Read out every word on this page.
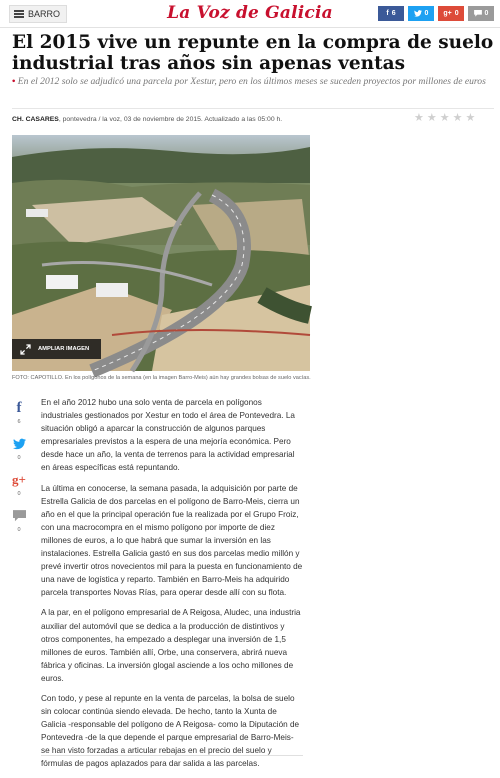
BARRO	La Voz de Galicia	f 6	0 g+ 0	0
El 2015 vive un repunte en la compra de suelo industrial tras años sin apenas ventas
• En el 2012 solo se adjudicó una parcela por Xestur, pero en los últimos meses se suceden proyectos por millones de euros
CH. CASARES, pontevedra / la voz, 03 de noviembre de 2015. Actualizado a las 05:00 h.	★ ★ ★ ★ ★
AMPLIAR IMAGEN
FOTO: CAPOTILLO. En los polígonos de la semana (en la imagen Barro-Meis) aún hay grandes bolsas de suelo vacías.
f
6
0
g+
0
0

En el año 2012 hubo una solo venta de parcela en polígonos industriales gestionados por Xestur en todo el área de Pontevedra. La situación obligó a aparcar la construcción de algunos parques empresariales previstos a la espera de una mejoría económica. Pero desde hace un año, la venta de terrenos para la actividad empresarial en áreas específicas está repuntando.

La última en conocerse, la semana pasada, la adquisición por parte de Estrella Galicia de dos parcelas en el polígono de Barro-Meis, cierra un año en el que la principal operación fue la realizada por el Grupo Froiz, con una macrocompra en el mismo polígono por importe de diez millones de euros, a lo que habrá que sumar la inversión en las instalaciones. Estrella Galicia gastó en sus dos parcelas medio millón y prevé invertir otros novecientos mil para la puesta en funcionamiento de una nave de logística y reparto. También en Barro-Meis ha adquirido parcela transportes Novas Rías, para operar desde allí con su flota.

A la par, en el polígono empresarial de A Reigosa, Aludec, una industria auxiliar del automóvil que se dedica a la producción de distintivos y otros componentes, ha empezado a desplegar una inversión de 1,5 millones de euros. También allí, Orbe, una conservera, abrirá nueva fábrica y oficinas. La inversión glogal asciende a los ocho millones de euros.

Con todo, y pese al repunte en la venta de parcelas, la bolsa de suelo sin colocar continúa siendo elevada. De hecho, tanto la Xunta de Galicia -responsable del polígono de A Reigosa- como la Diputación de Pontevedra -de la que depende el parque empresarial de Barro-Meis- se han visto forzadas a articular rebajas en el precio del suelo y fórmulas de pagos aplazados para dar salida a las parcelas.
